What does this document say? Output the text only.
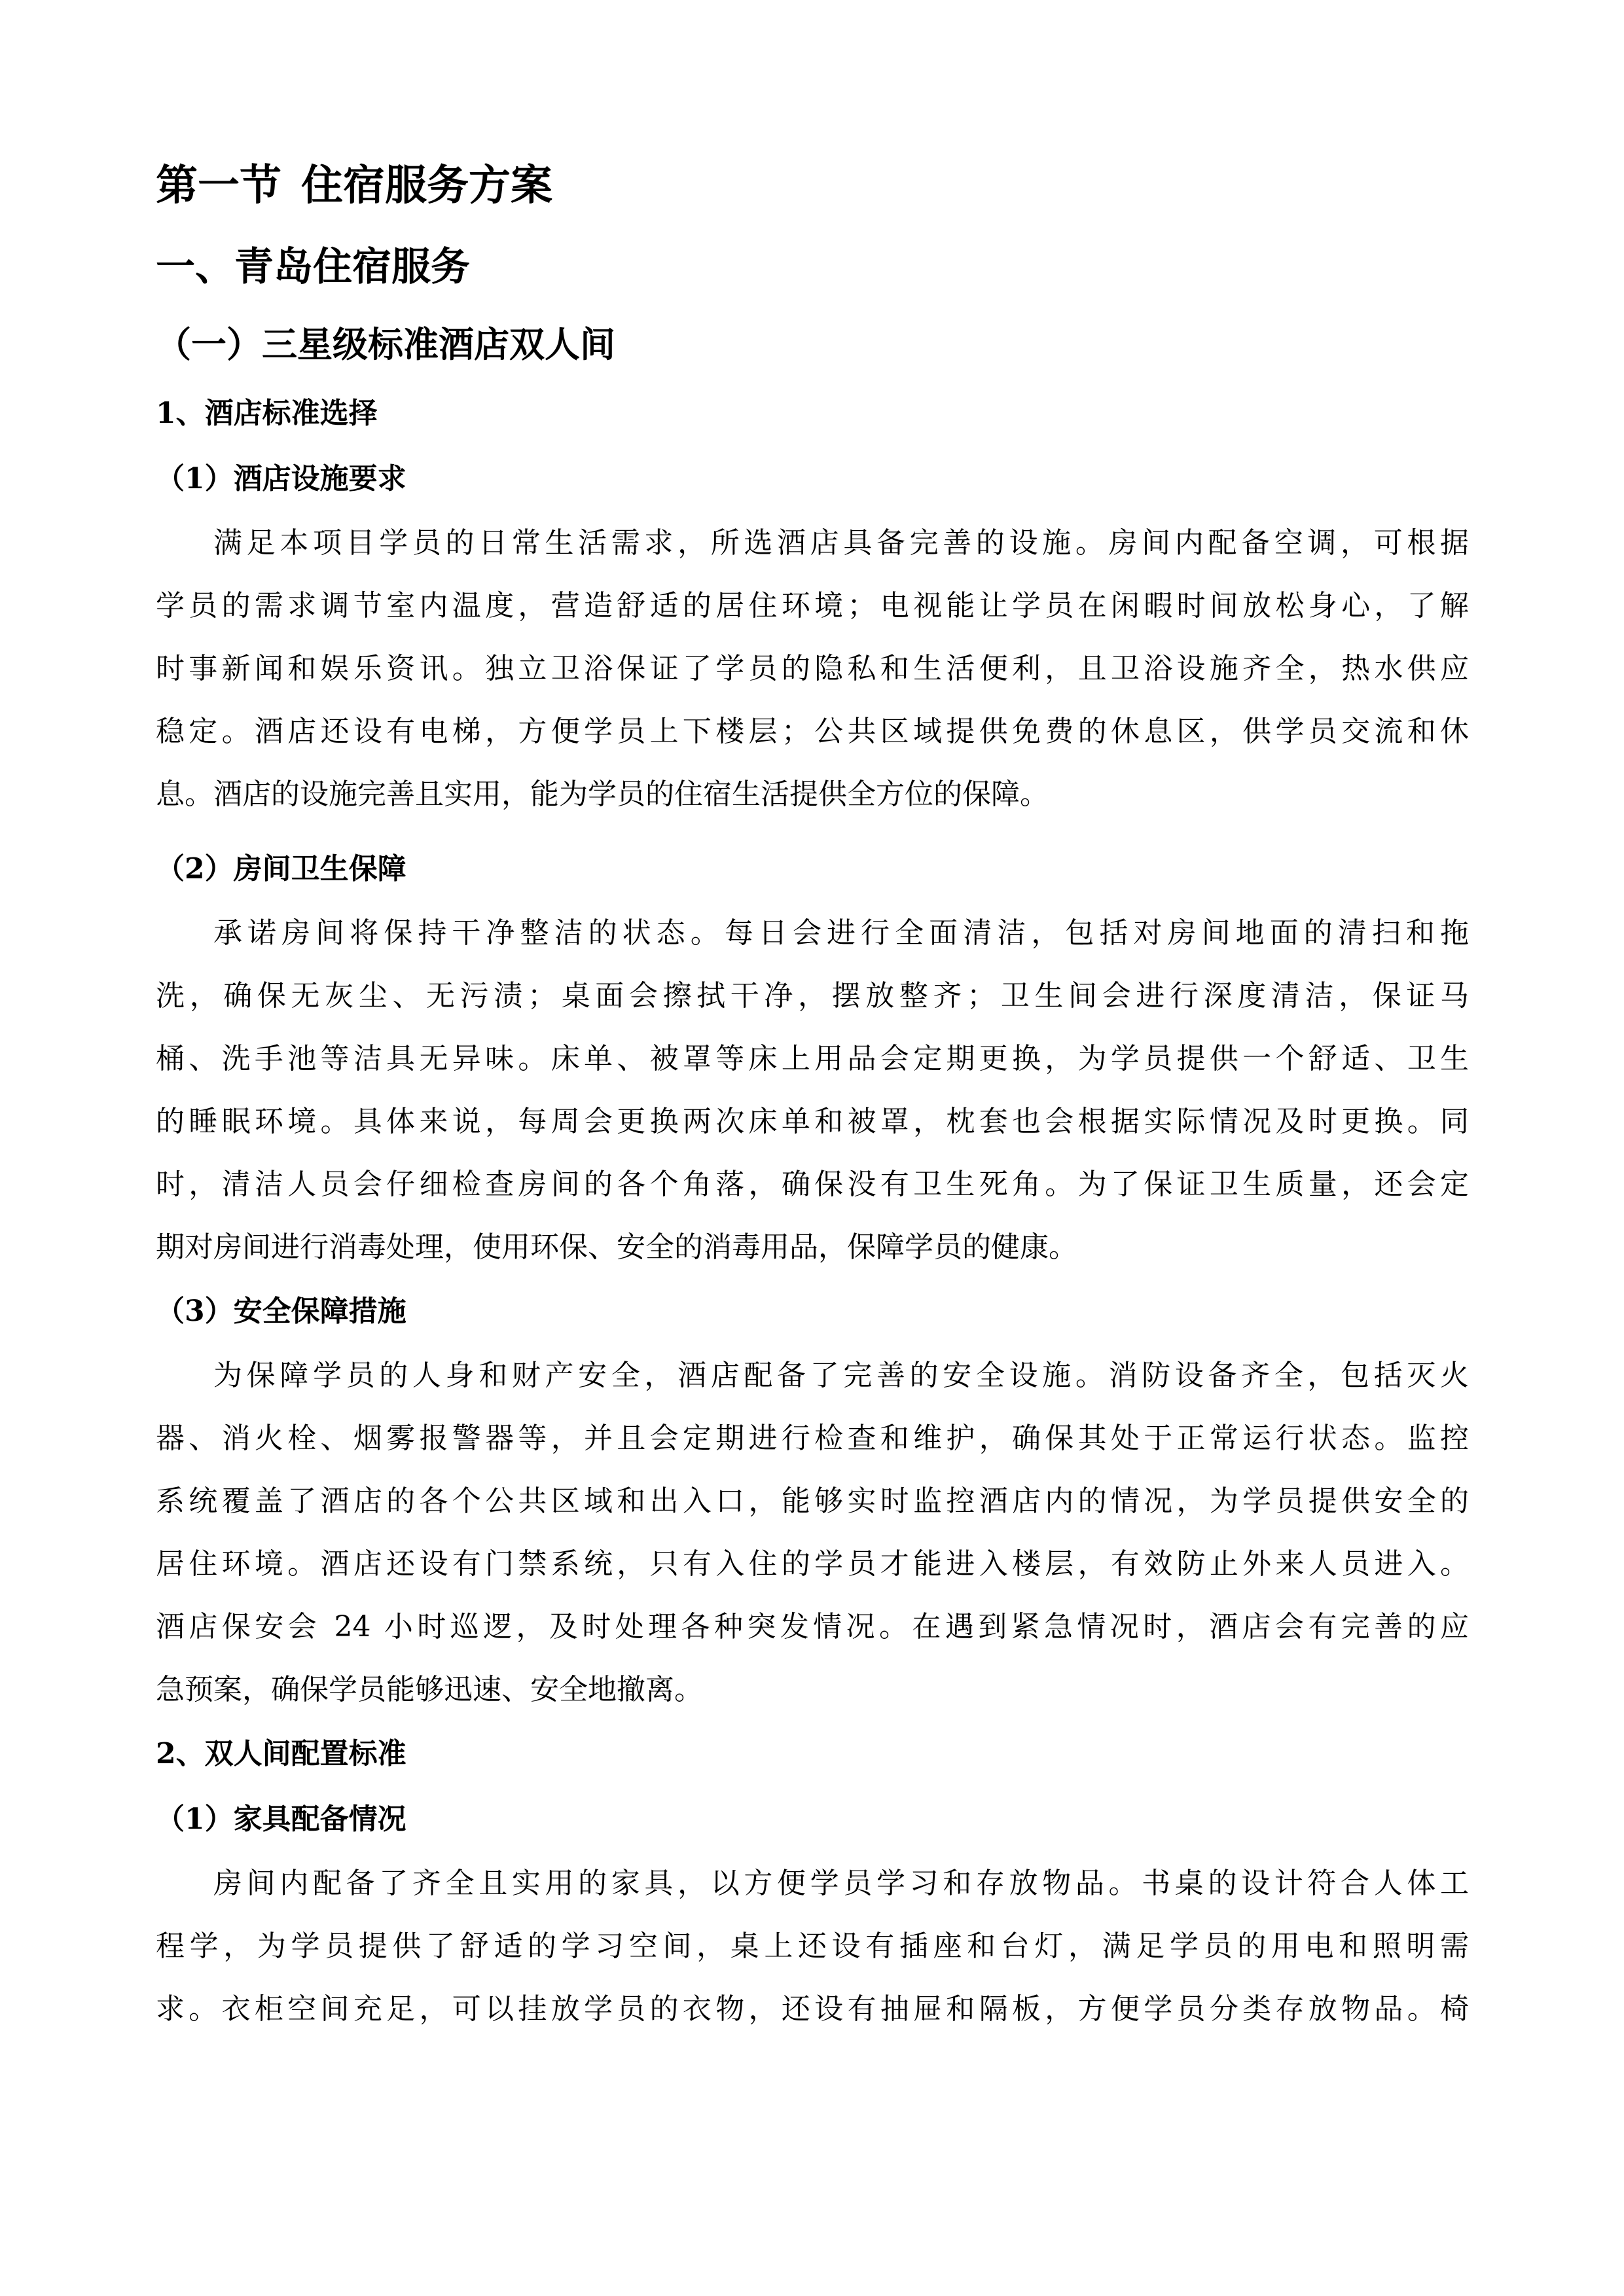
第一节 住宿服务方案
一、青岛住宿服务
（一）三星级标准酒店双人间
1、酒店标准选择
（1）酒店设施要求
满足本项目学员的日常生活需求，所选酒店具备完善的设施。房间内配备空调，可根据
学员的需求调节室内温度，营造舒适的居住环境；电视能让学员在闲暇时间放松身心，了解
时事新闻和娱乐资讯。独立卫浴保证了学员的隐私和生活便利，且卫浴设施齐全，热水供应
稳定。酒店还设有电梯，方便学员上下楼层；公共区域提供免费的休息区，供学员交流和休
息。酒店的设施完善且实用，能为学员的住宿生活提供全方位的保障。
（2）房间卫生保障
承诺房间将保持干净整洁的状态。每日会进行全面清洁，包括对房间地面的清扫和拖
洗，确保无灰尘、无污渍；桌面会擦拭干净，摆放整齐；卫生间会进行深度清洁，保证马
桶、洗手池等洁具无异味。床单、被罩等床上用品会定期更换，为学员提供一个舒适、卫生
的睡眠环境。具体来说，每周会更换两次床单和被罩，枕套也会根据实际情况及时更换。同
时，清洁人员会仔细检查房间的各个角落，确保没有卫生死角。为了保证卫生质量，还会定
期对房间进行消毒处理，使用环保、安全的消毒用品，保障学员的健康。
（3）安全保障措施
为保障学员的人身和财产安全，酒店配备了完善的安全设施。消防设备齐全，包括灭火
器、消火栓、烟雾报警器等，并且会定期进行检查和维护，确保其处于正常运行状态。监控
系统覆盖了酒店的各个公共区域和出入口，能够实时监控酒店内的情况，为学员提供安全的
居住环境。酒店还设有门禁系统，只有入住的学员才能进入楼层，有效防止外来人员进入。
酒店保安会 24 小时巡逻，及时处理各种突发情况。在遇到紧急情况时，酒店会有完善的应
急预案，确保学员能够迅速、安全地撤离。
2、双人间配置标准
（1）家具配备情况
房间内配备了齐全且实用的家具，以方便学员学习和存放物品。书桌的设计符合人体工
程学，为学员提供了舒适的学习空间，桌上还设有插座和台灯，满足学员的用电和照明需
求。衣柜空间充足，可以挂放学员的衣物，还设有抽屉和隔板，方便学员分类存放物品。椅
